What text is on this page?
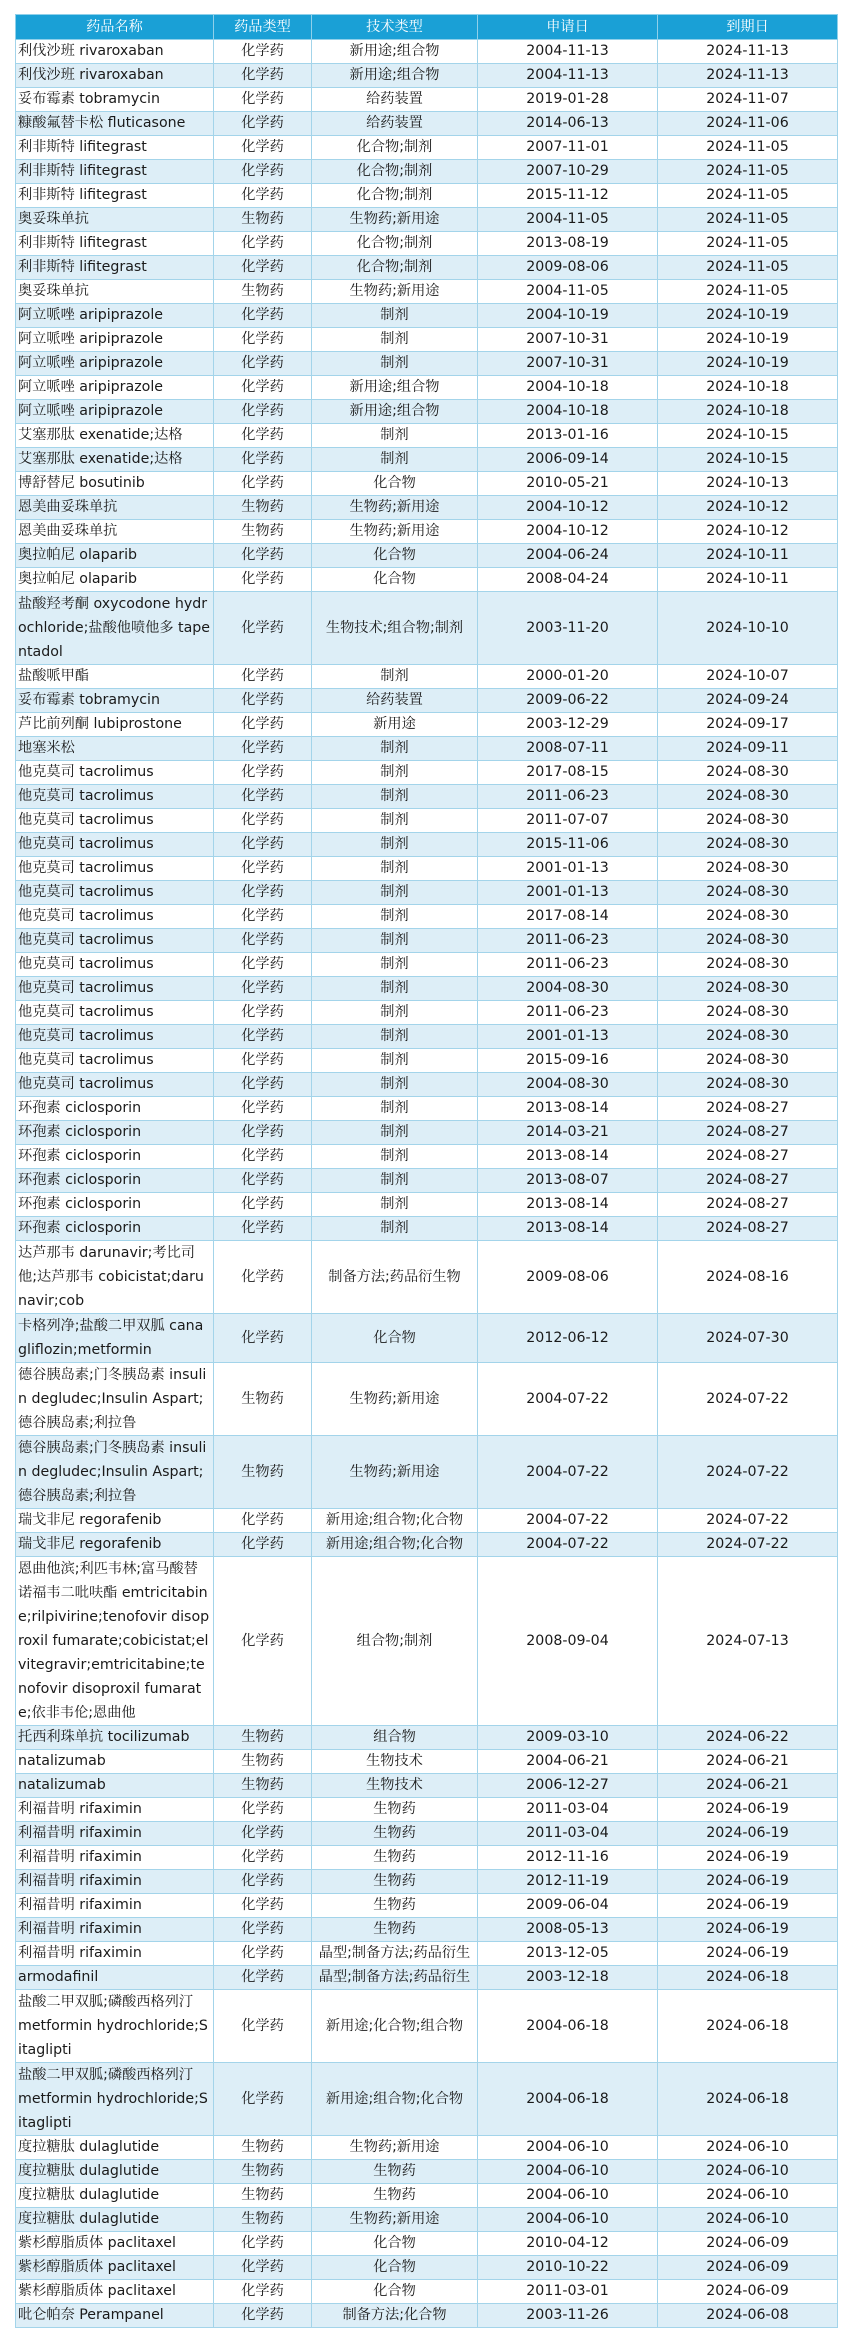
药品名称	药品类型	技术类型	申请日	到期日
利伐沙班 rivaroxaban	化学药	新用途;组合物	2004-11-13	2024-11-13
利伐沙班 rivaroxaban	化学药	新用途;组合物	2004-11-13	2024-11-13
妥布霉素 tobramycin	化学药	给药装置	2019-01-28	2024-11-07
糠酸氟替卡松 fluticasone	化学药	给药装置	2014-06-13	2024-11-06
利非斯特 lifitegrast	化学药	化合物;制剂	2007-11-01	2024-11-05
利非斯特 lifitegrast	化学药	化合物;制剂	2007-10-29	2024-11-05
利非斯特 lifitegrast	化学药	化合物;制剂	2015-11-12	2024-11-05
奥妥珠单抗	生物药	生物药;新用途	2004-11-05	2024-11-05
利非斯特 lifitegrast	化学药	化合物;制剂	2013-08-19	2024-11-05
利非斯特 lifitegrast	化学药	化合物;制剂	2009-08-06	2024-11-05
奥妥珠单抗	生物药	生物药;新用途	2004-11-05	2024-11-05
阿立哌唑 aripiprazole	化学药	制剂	2004-10-19	2024-10-19
阿立哌唑 aripiprazole	化学药	制剂	2007-10-31	2024-10-19
阿立哌唑 aripiprazole	化学药	制剂	2007-10-31	2024-10-19
阿立哌唑 aripiprazole	化学药	新用途;组合物	2004-10-18	2024-10-18
阿立哌唑 aripiprazole	化学药	新用途;组合物	2004-10-18	2024-10-18
艾塞那肽 exenatide;达格	化学药	制剂	2013-01-16	2024-10-15
艾塞那肽 exenatide;达格	化学药	制剂	2006-09-14	2024-10-15
博舒替尼 bosutinib	化学药	化合物	2010-05-21	2024-10-13
恩美曲妥珠单抗	生物药	生物药;新用途	2004-10-12	2024-10-12
恩美曲妥珠单抗	生物药	生物药;新用途	2004-10-12	2024-10-12
奥拉帕尼 olaparib	化学药	化合物	2004-06-24	2024-10-11
奥拉帕尼 olaparib	化学药	化合物	2008-04-24	2024-10-11
盐酸羟考酮 oxycodone hydrochloride;盐酸他喷他多 tapentadol	化学药	生物技术;组合物;制剂	2003-11-20	2024-10-10
盐酸哌甲酯	化学药	制剂	2000-01-20	2024-10-07
妥布霉素 tobramycin	化学药	给药装置	2009-06-22	2024-09-24
芦比前列酮 lubiprostone	化学药	新用途	2003-12-29	2024-09-17
地塞米松	化学药	制剂	2008-07-11	2024-09-11
他克莫司 tacrolimus	化学药	制剂	2017-08-15	2024-08-30
他克莫司 tacrolimus	化学药	制剂	2011-06-23	2024-08-30
他克莫司 tacrolimus	化学药	制剂	2011-07-07	2024-08-30
他克莫司 tacrolimus	化学药	制剂	2015-11-06	2024-08-30
他克莫司 tacrolimus	化学药	制剂	2001-01-13	2024-08-30
他克莫司 tacrolimus	化学药	制剂	2001-01-13	2024-08-30
他克莫司 tacrolimus	化学药	制剂	2017-08-14	2024-08-30
他克莫司 tacrolimus	化学药	制剂	2011-06-23	2024-08-30
他克莫司 tacrolimus	化学药	制剂	2011-06-23	2024-08-30
他克莫司 tacrolimus	化学药	制剂	2004-08-30	2024-08-30
他克莫司 tacrolimus	化学药	制剂	2011-06-23	2024-08-30
他克莫司 tacrolimus	化学药	制剂	2001-01-13	2024-08-30
他克莫司 tacrolimus	化学药	制剂	2015-09-16	2024-08-30
他克莫司 tacrolimus	化学药	制剂	2004-08-30	2024-08-30
环孢素 ciclosporin	化学药	制剂	2013-08-14	2024-08-27
环孢素 ciclosporin	化学药	制剂	2014-03-21	2024-08-27
环孢素 ciclosporin	化学药	制剂	2013-08-14	2024-08-27
环孢素 ciclosporin	化学药	制剂	2013-08-07	2024-08-27
环孢素 ciclosporin	化学药	制剂	2013-08-14	2024-08-27
环孢素 ciclosporin	化学药	制剂	2013-08-14	2024-08-27
达芦那韦 darunavir;考比司他;达芦那韦 cobicistat;darunavir;cob	化学药	制备方法;药品衍生物	2009-08-06	2024-08-16
卡格列净;盐酸二甲双胍 canagliflozin;metformin	化学药	化合物	2012-06-12	2024-07-30
德谷胰岛素;门冬胰岛素 insulin degludec;Insulin Aspart;德谷胰岛素;利拉鲁	生物药	生物药;新用途	2004-07-22	2024-07-22
德谷胰岛素;门冬胰岛素 insulin degludec;Insulin Aspart;德谷胰岛素;利拉鲁	生物药	生物药;新用途	2004-07-22	2024-07-22
瑞戈非尼 regorafenib	化学药	新用途;组合物;化合物	2004-07-22	2024-07-22
瑞戈非尼 regorafenib	化学药	新用途;组合物;化合物	2004-07-22	2024-07-22
恩曲他滨;利匹韦林;富马酸替诺福韦二吡呋酯 emtricitabine;rilpivirine;tenofovir disoproxil fumarate;cobicistat;elvitegravir;emtricitabine;tenofovir disoproxil fumarate;依非韦伦;恩曲他	化学药	组合物;制剂	2008-09-04	2024-07-13
托西利珠单抗 tocilizumab	生物药	组合物	2009-03-10	2024-06-22
natalizumab	生物药	生物技术	2004-06-21	2024-06-21
natalizumab	生物药	生物技术	2006-12-27	2024-06-21
利福昔明 rifaximin	化学药	生物药	2011-03-04	2024-06-19
利福昔明 rifaximin	化学药	生物药	2011-03-04	2024-06-19
利福昔明 rifaximin	化学药	生物药	2012-11-16	2024-06-19
利福昔明 rifaximin	化学药	生物药	2012-11-19	2024-06-19
利福昔明 rifaximin	化学药	生物药	2009-06-04	2024-06-19
利福昔明 rifaximin	化学药	生物药	2008-05-13	2024-06-19
利福昔明 rifaximin	化学药	晶型;制备方法;药品衍生	2013-12-05	2024-06-19
armodafinil	化学药	晶型;制备方法;药品衍生	2003-12-18	2024-06-18
盐酸二甲双胍;磷酸西格列汀 metformin hydrochloride;Sitaglipti	化学药	新用途;化合物;组合物	2004-06-18	2024-06-18
盐酸二甲双胍;磷酸西格列汀 metformin hydrochloride;Sitaglipti	化学药	新用途;组合物;化合物	2004-06-18	2024-06-18
度拉糖肽 dulaglutide	生物药	生物药;新用途	2004-06-10	2024-06-10
度拉糖肽 dulaglutide	生物药	生物药	2004-06-10	2024-06-10
度拉糖肽 dulaglutide	生物药	生物药	2004-06-10	2024-06-10
度拉糖肽 dulaglutide	生物药	生物药;新用途	2004-06-10	2024-06-10
紫杉醇脂质体 paclitaxel	化学药	化合物	2010-04-12	2024-06-09
紫杉醇脂质体 paclitaxel	化学药	化合物	2010-10-22	2024-06-09
紫杉醇脂质体 paclitaxel	化学药	化合物	2011-03-01	2024-06-09
吡仑帕奈 Perampanel	化学药	制备方法;化合物	2003-11-26	2024-06-08
